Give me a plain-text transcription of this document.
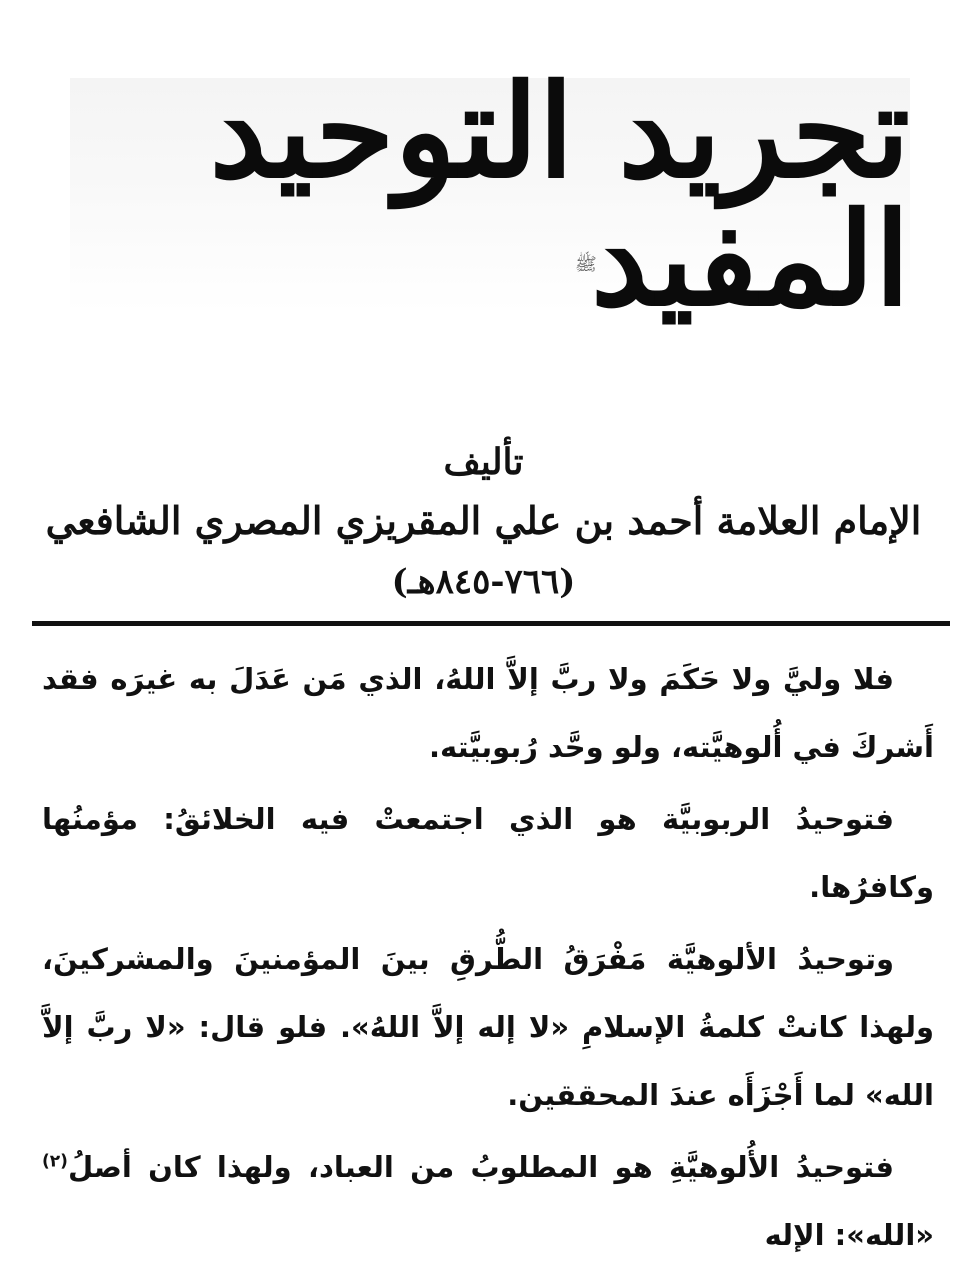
تجريد التوحيد المفيد
ﷺ
تأليف
الإمام العلامة أحمد بن علي المقريزي المصري الشافعي
(٧٦٦-٨٤٥هـ)

فلا وليَّ ولا حَكَمَ ولا ربَّ إلاَّ اللهُ، الذي مَن عَدَلَ به غيرَه فقد أَشركَ في أُلوهيَّته، ولو وحَّد رُبوبيَّته.

فتوحيدُ الربوبيَّة هو الذي اجتمعتْ فيه الخلائقُ: مؤمنُها وكافرُها.

وتوحيدُ الألوهيَّة مَفْرَقُ الطُّرقِ بينَ المؤمنينَ والمشركينَ، ولهذا كانتْ كلمةُ الإسلامِ «لا إله إلاَّ اللهُ». فلو قال: «لا ربَّ إلاَّ الله» لما أَجْزَأَه عندَ المحققين.

فتوحيدُ الأُلوهيَّةِ هو المطلوبُ من العباد، ولهذا كان أصلُ$^{(٢)}$ «الله»: الإله
